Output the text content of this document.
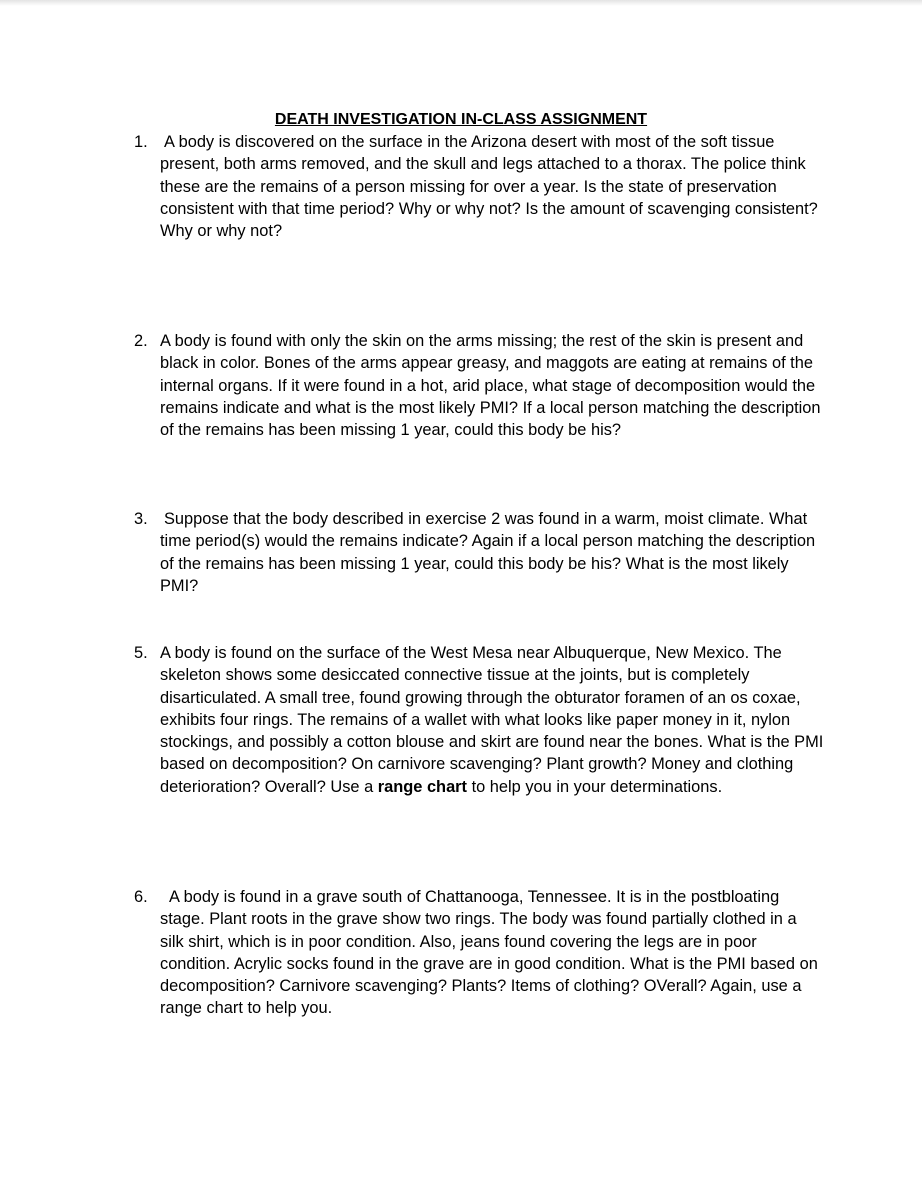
DEATH INVESTIGATION IN-CLASS ASSIGNMENT
1. A body is discovered on the surface in the Arizona desert with most of the soft tissue present, both arms removed, and the skull and legs attached to a thorax. The police think these are the remains of a person missing for over a year. Is the state of preservation consistent with that time period? Why or why not? Is the amount of scavenging consistent? Why or why not?
2. A body is found with only the skin on the arms missing; the rest of the skin is present and black in color. Bones of the arms appear greasy, and maggots are eating at remains of the internal organs. If it were found in a hot, arid place, what stage of decomposition would the remains indicate and what is the most likely PMI? If a local person matching the description of the remains has been missing 1 year, could this body be his?
3. Suppose that the body described in exercise 2 was found in a warm, moist climate. What time period(s) would the remains indicate? Again if a local person matching the description of the remains has been missing 1 year, could this body be his? What is the most likely PMI?
5. A body is found on the surface of the West Mesa near Albuquerque, New Mexico. The skeleton shows some desiccated connective tissue at the joints, but is completely disarticulated. A small tree, found growing through the obturator foramen of an os coxae, exhibits four rings. The remains of a wallet with what looks like paper money in it, nylon stockings, and possibly a cotton blouse and skirt are found near the bones. What is the PMI based on decomposition? On carnivore scavenging? Plant growth? Money and clothing deterioration? Overall? Use a range chart to help you in your determinations.
6.	A body is found in a grave south of Chattanooga, Tennessee. It is in the postbloating stage. Plant roots in the grave show two rings. The body was found partially clothed in a silk shirt, which is in poor condition. Also, jeans found covering the legs are in poor condition. Acrylic socks found in the grave are in good condition. What is the PMI based on decomposition? Carnivore scavenging? Plants? Items of clothing? OVerall? Again, use a range chart to help you.
